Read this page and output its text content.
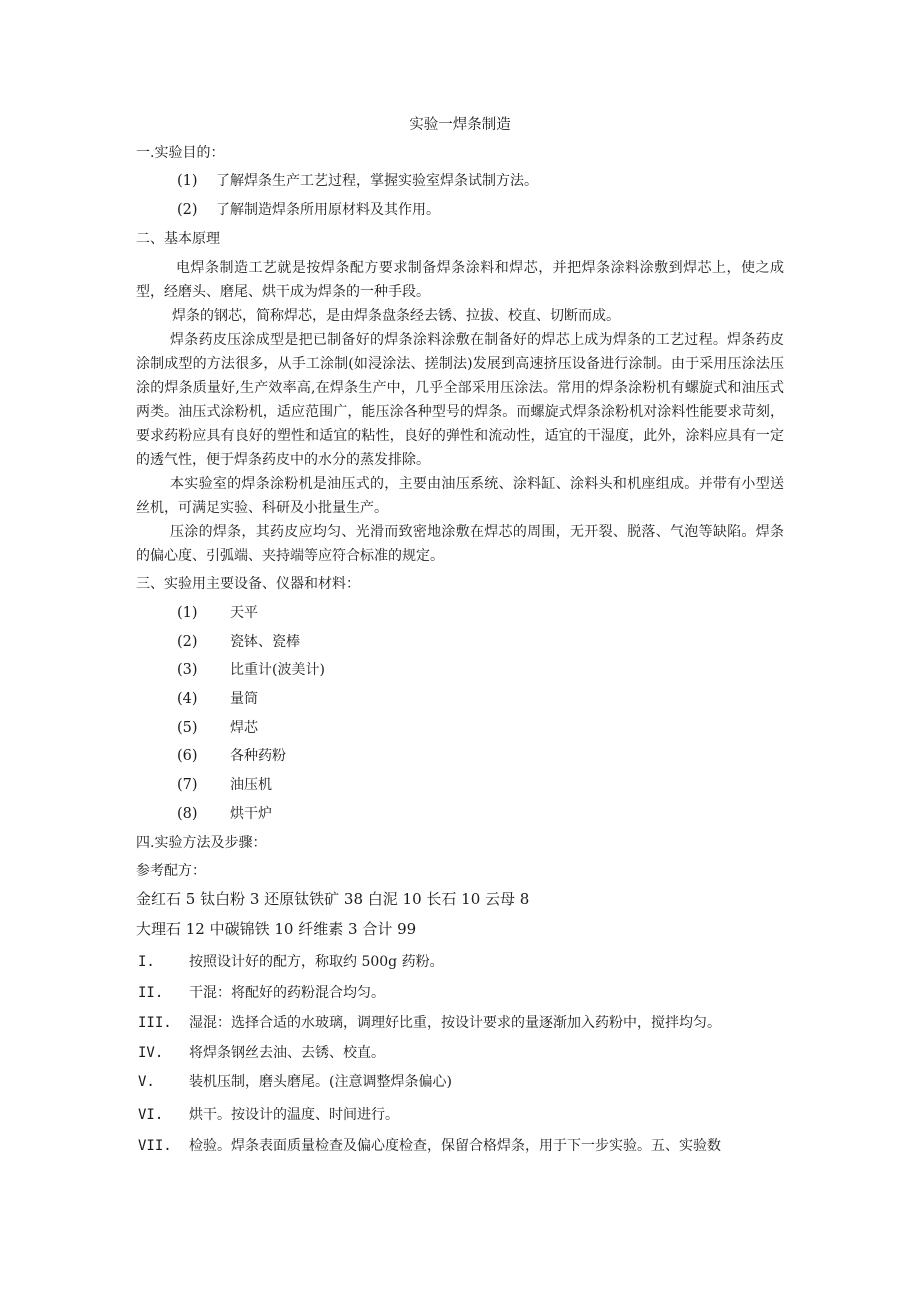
实验一焊条制造
一.实验目的：
(1) 了解焊条生产工艺过程，掌握实验室焊条试制方法。
(2) 了解制造焊条所用原材料及其作用。
二、基本原理
电焊条制造工艺就是按焊条配方要求制备焊条涂料和焊芯，并把焊条涂料涂敷到焊芯上，使之成型，经磨头、磨尾、烘干成为焊条的一种手段。
焊条的钢芯，简称焊芯，是由焊条盘条经去锈、拉拔、校直、切断而成。
焊条药皮压涂成型是把已制备好的焊条涂料涂敷在制备好的焊芯上成为焊条的工艺过程。焊条药皮涂制成型的方法很多，从手工涂制(如浸涂法、搓制法)发展到高速挤压设备进行涂制。由于采用压涂法压涂的焊条质量好,生产效率高,在焊条生产中，几乎全部采用压涂法。常用的焊条涂粉机有螺旋式和油压式两类。油压式涂粉机，适应范围广，能压涂各种型号的焊条。而螺旋式焊条涂粉机对涂料性能要求苛刻，要求药粉应具有良好的塑性和适宜的粘性，良好的弹性和流动性，适宜的干湿度，此外，涂料应具有一定的透气性，便于焊条药皮中的水分的蒸发排除。
本实验室的焊条涂粉机是油压式的，主要由油压系统、涂料缸、涂料头和机座组成。并带有小型送丝机，可满足实验、科研及小批量生产。
压涂的焊条，其药皮应均匀、光滑而致密地涂敷在焊芯的周围，无开裂、脱落、气泡等缺陷。焊条的偏心度、引弧端、夹持端等应符合标准的规定。
三、实验用主要设备、仪器和材料：
(1) 天平
(2) 瓷钵、瓷棒
(3) 比重计(波美计)
(4) 量筒
(5) 焊芯
(6) 各种药粉
(7) 油压机
(8) 烘干炉
四.实验方法及步骤：
参考配方：
金红石 5 钛白粉 3 还原钛铁矿 38 白泥 10 长石 10 云母 8
大理石 12 中碳锦铁 10 纤维素 3 合计 99
I. 按照设计好的配方，称取约 500g 药粉。
II. 干混：将配好的药粉混合均匀。
III. 湿混：选择合适的水玻璃，调理好比重，按设计要求的量逐渐加入药粉中，搅拌均匀。
IV. 将焊条钢丝去油、去锈、校直。
V. 装机压制，磨头磨尾。(注意调整焊条偏心)
VI. 烘干。按设计的温度、时间进行。
VII. 检验。焊条表面质量检查及偏心度检查，保留合格焊条，用于下一步实验。五、实验数
